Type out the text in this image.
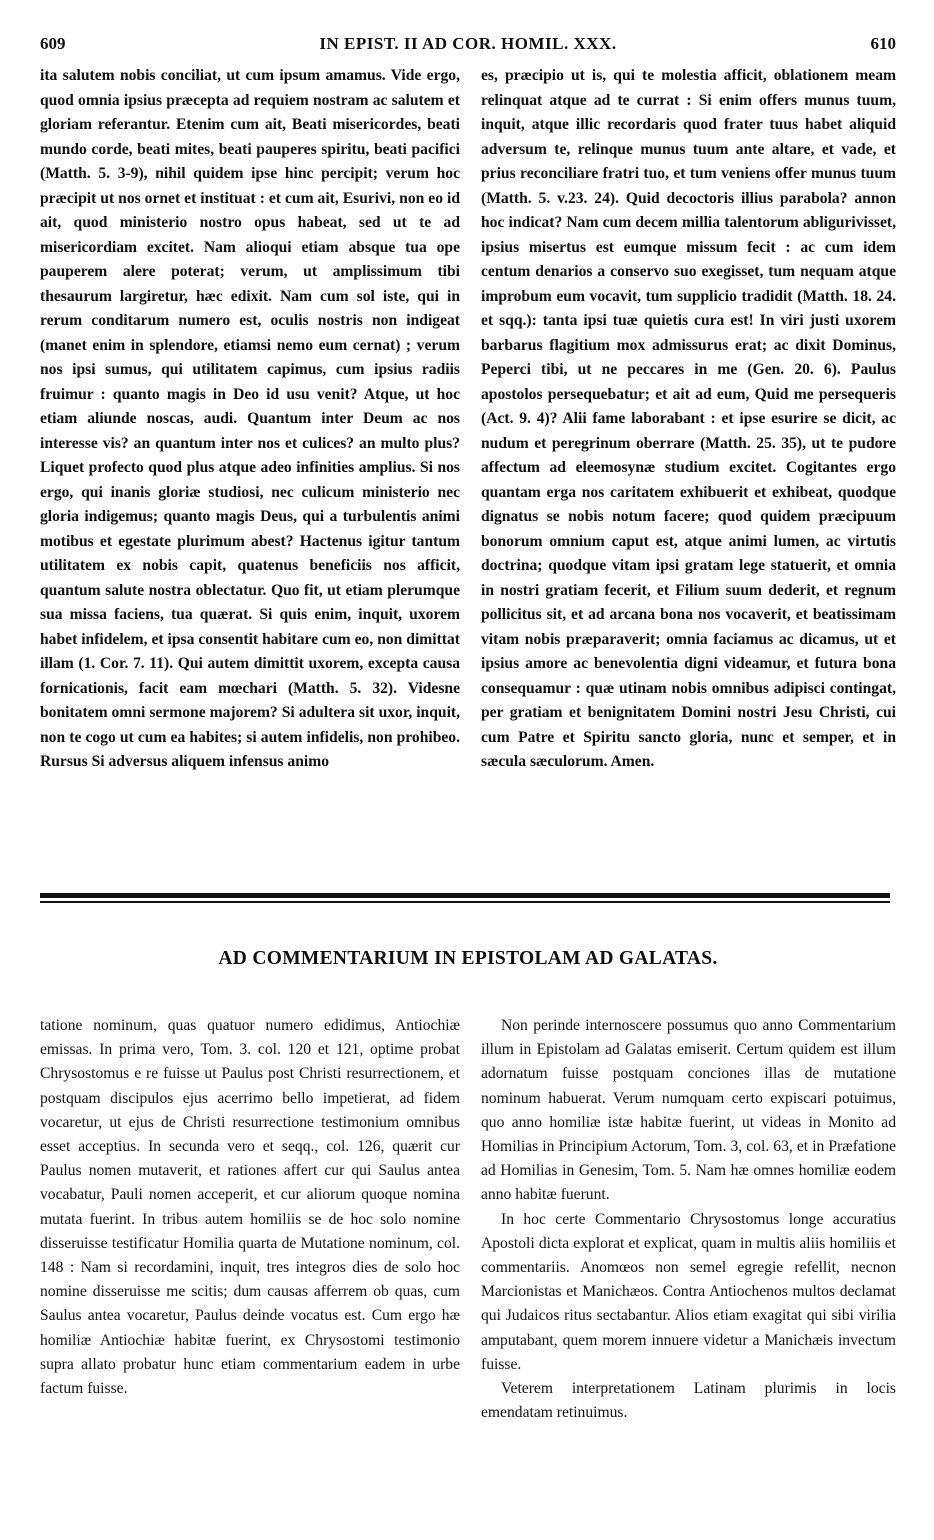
609	IN EPIST. II AD COR. HOMIL. XXX.	610

ita salutem nobis conciliat, ut cum ipsum amamus. Vide ergo, quod omnia ipsius præcepta ad requiem nostram ac salutem et gloriam referantur. Etenim cum ait, Beati misericordes, beati mundo corde, beati mites, beati pauperes spiritu, beati pacifici (Matth. 5. 3-9), nihil quidem ipse hinc percipit; verum hoc præcipit ut nos ornet et instituat : et cum ait, Esurivi, non eo id ait, quod ministerio nostro opus habeat, sed ut te ad misericordiam excitet. Nam alioqui etiam absque tua ope pauperem alere poterat; verum, ut amplissimum tibi thesaurum largiretur, hæc edixit. Nam cum sol iste, qui in rerum conditarum numero est, oculis nostris non indigeat (manet enim in splendore, etiamsi nemo eum cernat) ; verum nos ipsi sumus, qui utilitatem capimus, cum ipsius radiis fruimur : quanto magis in Deo id usu venit? Atque, ut hoc etiam aliunde noscas, audi. Quantum inter Deum ac nos interesse vis? an quantum inter nos et culices? an multo plus? Liquet profecto quod plus atque adeo infinities amplius. Si nos ergo, qui inanis gloriæ studiosi, nec culicum ministerio nec gloria indigemus; quanto magis Deus, qui a turbulentis animi motibus et egestate plurimum abest? Hactenus igitur tantum utilitatem ex nobis capit, quatenus beneficiis nos afficit, quantum salute nostra oblectatur. Quo fit, ut etiam plerumque sua missa faciens, tua quærat. Si quis enim, inquit, uxorem habet infidelem, et ipsa consentit habitare cum eo, non dimittat illam (1. Cor. 7. 11). Qui autem dimittit uxorem, excepta causa fornicationis, facit eam mœchari (Matth. 5. 32). Videsne bonitatem omni sermone majorem? Si adultera sit uxor, inquit, non te cogo ut cum ea habites; si autem infidelis, non prohibeo. Rursus Si adversus aliquem infensus animo

es, præcipio ut is, qui te molestia afficit, oblationem meam relinquat atque ad te currat : Si enim offers munus tuum, inquit, atque illic recordaris quod frater tuus habet aliquid adversum te, relinque munus tuum ante altare, et vade, et prius reconciliare fratri tuo, et tum veniens offer munus tuum (Matth. 5. v.23. 24). Quid decoctoris illius parabola? annon hoc indicat? Nam cum decem millia talentorum abligurivisset, ipsius misertus est eumque missum fecit : ac cum idem centum denarios a conservo suo exegisset, tum nequam atque improbum eum vocavit, tum supplicio tradidit (Matth. 18. 24. et sqq.): tanta ipsi tuæ quietis cura est! In viri justi uxorem barbarus flagitium mox admissurus erat; ac dixit Dominus, Peperci tibi, ut ne peccares in me (Gen. 20. 6). Paulus apostolos persequebatur; et ait ad eum, Quid me persequeris (Act. 9. 4)? Alii fame laborabant : et ipse esurire se dicit, ac nudum et peregrinum oberrare (Matth. 25. 35), ut te pudore affectum ad eleemosynæ studium excitet. Cogitantes ergo quantam erga nos caritatem exhibuerit et exhibeat, quodque dignatus se nobis notum facere; quod quidem præcipuum bonorum omnium caput est, atque animi lumen, ac virtutis doctrina; quodque vitam ipsi gratam lege statuerit, et omnia in nostri gratiam fecerit, et Filium suum dederit, et regnum pollicitus sit, et ad arcana bona nos vocaverit, et beatissimam vitam nobis præparaverit; omnia faciamus ac dicamus, ut et ipsius amore ac benevolentia digni videamur, et futura bona consequamur : quæ utinam nobis omnibus adipisci contingat, per gratiam et benignitatem Domini nostri Jesu Christi, cui cum Patre et Spiritu sancto gloria, nunc et semper, et in sæcula sæculorum. Amen.

AD COMMENTARIUM IN EPISTOLAM AD GALATAS.

tatione nominum, quas quatuor numero edidimus, Antiochiæ emissas. In prima vero, Tom. 3. col. 120 et 121, optime probat Chrysostomus e re fuisse ut Paulus post Christi resurrectionem, et postquam discipulos ejus acerrimo bello impetierat, ad fidem vocaretur, ut ejus de Christi resurrectione testimonium omnibus esset acceptius. In secunda vero et seqq., col. 126, quærit cur Paulus nomen mutaverit, et rationes affert cur qui Saulus antea vocabatur, Pauli nomen acceperit, et cur aliorum quoque nomina mutata fuerint. In tribus autem homiliis se de hoc solo nomine disseruisse testificatur Homilia quarta de Mutatione nominum, col. 148 : Nam si recordamini, inquit, tres integros dies de solo hoc nomine disseruisse me scitis; dum causas afferrem ob quas, cum Saulus antea vocaretur, Paulus deinde vocatus est. Cum ergo hæ homiliæ Antiochiæ habitæ fuerint, ex Chrysostomi testimonio supra allato probatur hunc etiam commentarium eadem in urbe factum fuisse.

Non perinde internoscere possumus quo anno Commentarium illum in Epistolam ad Galatas emiserit. Certum quidem est illum adornatum fuisse postquam conciones illas de mutatione nominum habuerat. Verum numquam certo expiscari potuimus, quo anno homiliæ istæ habitæ fuerint, ut videas in Monito ad Homilias in Principium Actorum, Tom. 3, col. 63, et in Præfatione ad Homilias in Genesim, Tom. 5. Nam hæ omnes homiliæ eodem anno habitæ fuerunt.

In hoc certe Commentario Chrysostomus longe accuratius Apostoli dicta explorat et explicat, quam in multis aliis homiliis et commentariis. Anomœos non semel egregie refellit, necnon Marcionistas et Manichæos. Contra Antiochenos multos declamat qui Judaicos ritus sectabantur. Alios etiam exagitat qui sibi virilia amputabant, quem morem innuere videtur a Manichæis invectum fuisse.

Veterem interpretationem Latinam plurimis in locis emendatam retinuimus.
